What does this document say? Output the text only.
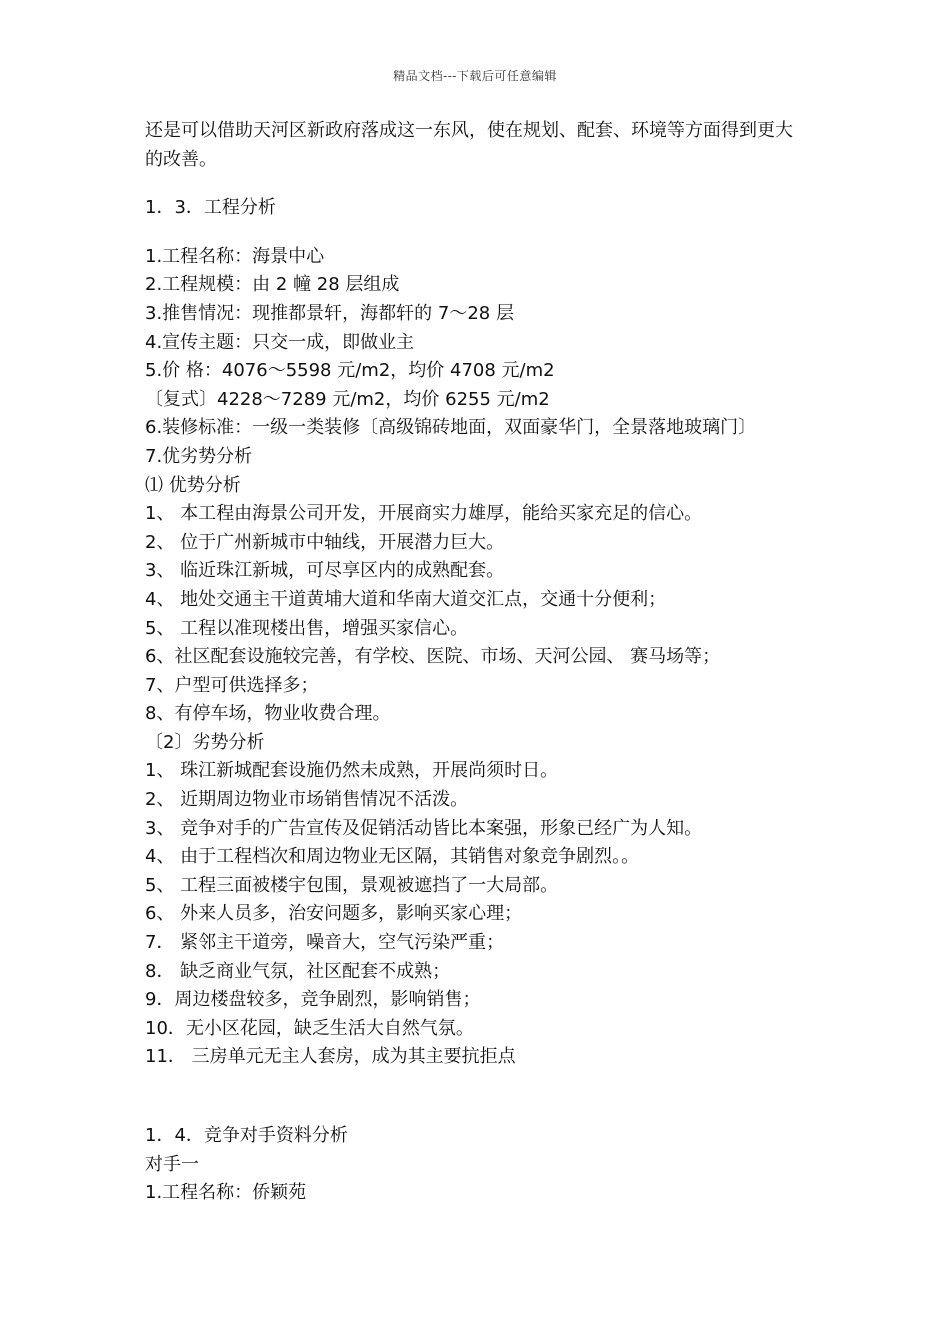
精品文档---下载后可任意编辑

还是可以借助天河区新政府落成这一东风，使在规划、配套、环境等方面得到更大的改善。

1．3．工程分析

1.工程名称：海景中心

2.工程规模：由 2 幢 28 层组成

3.推售情况：现推都景轩，海都轩的 7～28 层

4.宣传主题：只交一成，即做业主

5.价 格：4076～5598 元/m2，均价 4708 元/m2

〔复式〕4228～7289 元/m2，均价 6255 元/m2

6.装修标准：一级一类装修〔高级锦砖地面，双面豪华门，全景落地玻璃门〕

7.优劣势分析

⑴ 优势分析

1、 本工程由海景公司开发，开展商实力雄厚，能给买家充足的信心。

2、 位于广州新城市中轴线，开展潜力巨大。

3、 临近珠江新城，可尽享区内的成熟配套。

4、 地处交通主干道黄埔大道和华南大道交汇点，交通十分便利；

5、 工程以准现楼出售，增强买家信心。

6、社区配套设施较完善，有学校、医院、市场、天河公园、 赛马场等；

7、户型可供选择多；

8、有停车场，物业收费合理。

〔2〕劣势分析

1、 珠江新城配套设施仍然未成熟，开展尚须时日。

2、 近期周边物业市场销售情况不活泼。

3、 竞争对手的广告宣传及促销活动皆比本案强，形象已经广为人知。

4、 由于工程档次和周边物业无区隔，其销售对象竞争剧烈。。

5、 工程三面被楼宇包围，景观被遮挡了一大局部。

6、 外来人员多，治安问题多，影响买家心理；

7． 紧邻主干道旁，噪音大，空气污染严重；

8． 缺乏商业气氛，社区配套不成熟；

9．周边楼盘较多，竞争剧烈，影响销售；

10．无小区花园，缺乏生活大自然气氛。

11． 三房单元无主人套房，成为其主要抗拒点

1．4．竞争对手资料分析

对手一

1.工程名称：侨颖苑
